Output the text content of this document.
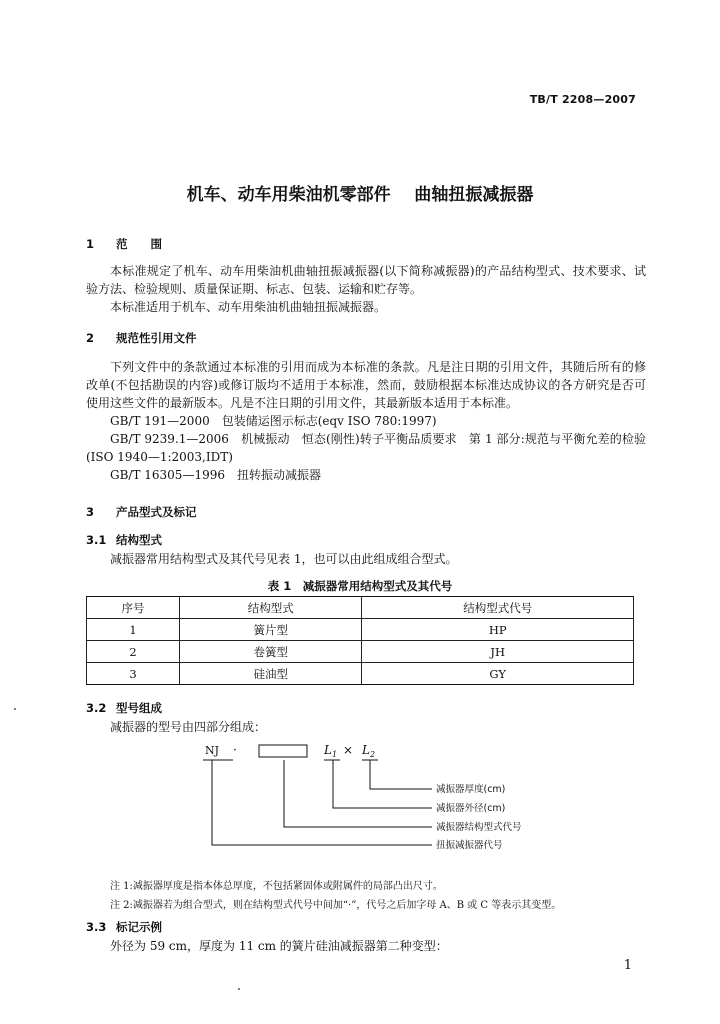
TB/T 2208—2007
机车、动车用柴油机零部件    曲轴扭振减振器
1 范　　围
本标准规定了机车、动车用柴油机曲轴扭振减振器(以下简称减振器)的产品结构型式、技术要求、试验方法、检验规则、质量保证期、标志、包装、运输和贮存等。
本标准适用于机车、动车用柴油机曲轴扭振减振器。
2 规范性引用文件
下列文件中的条款通过本标准的引用而成为本标准的条款。凡是注日期的引用文件，其随后所有的修改单(不包括勘误的内容)或修订版均不适用于本标准，然而，鼓励根据本标准达成协议的各方研究是否可使用这些文件的最新版本。凡是不注日期的引用文件，其最新版本适用于本标准。
GB/T 191—2000　包装储运图示标志(eqv ISO 780:1997)
GB/T 9239.1—2006　机械振动　恒态(刚性)转子平衡品质要求　第 1 部分:规范与平衡允差的检验(ISO 1940—1:2003,IDT)
GB/T 16305—1996　扭转振动减振器
3 产品型式及标记
3.1 结构型式
减振器常用结构型式及其代号见表 1，也可以由此组成组合型式。
表 1　减振器常用结构型式及其代号
序号	结构型式	结构型式代号
1	簧片型	HP
2	卷簧型	JH
3	硅油型	GY
3.2 型号组成
减振器的型号由四部分组成：
NJ ·	$L_1 \times L_2$
减振器厚度(cm)
减振器外径(cm)
减振器结构型式代号
扭振减振器代号
注 1:减振器厚度是指本体总厚度，不包括紧固体或附属件的局部凸出尺寸。
注 2:减振器若为组合型式，则在结构型式代号中间加“·”，代号之后加字母 A、B 或 C 等表示其变型。
3.3 标记示例
外径为 59 cm，厚度为 11 cm 的簧片硅油减振器第二种变型：
1
